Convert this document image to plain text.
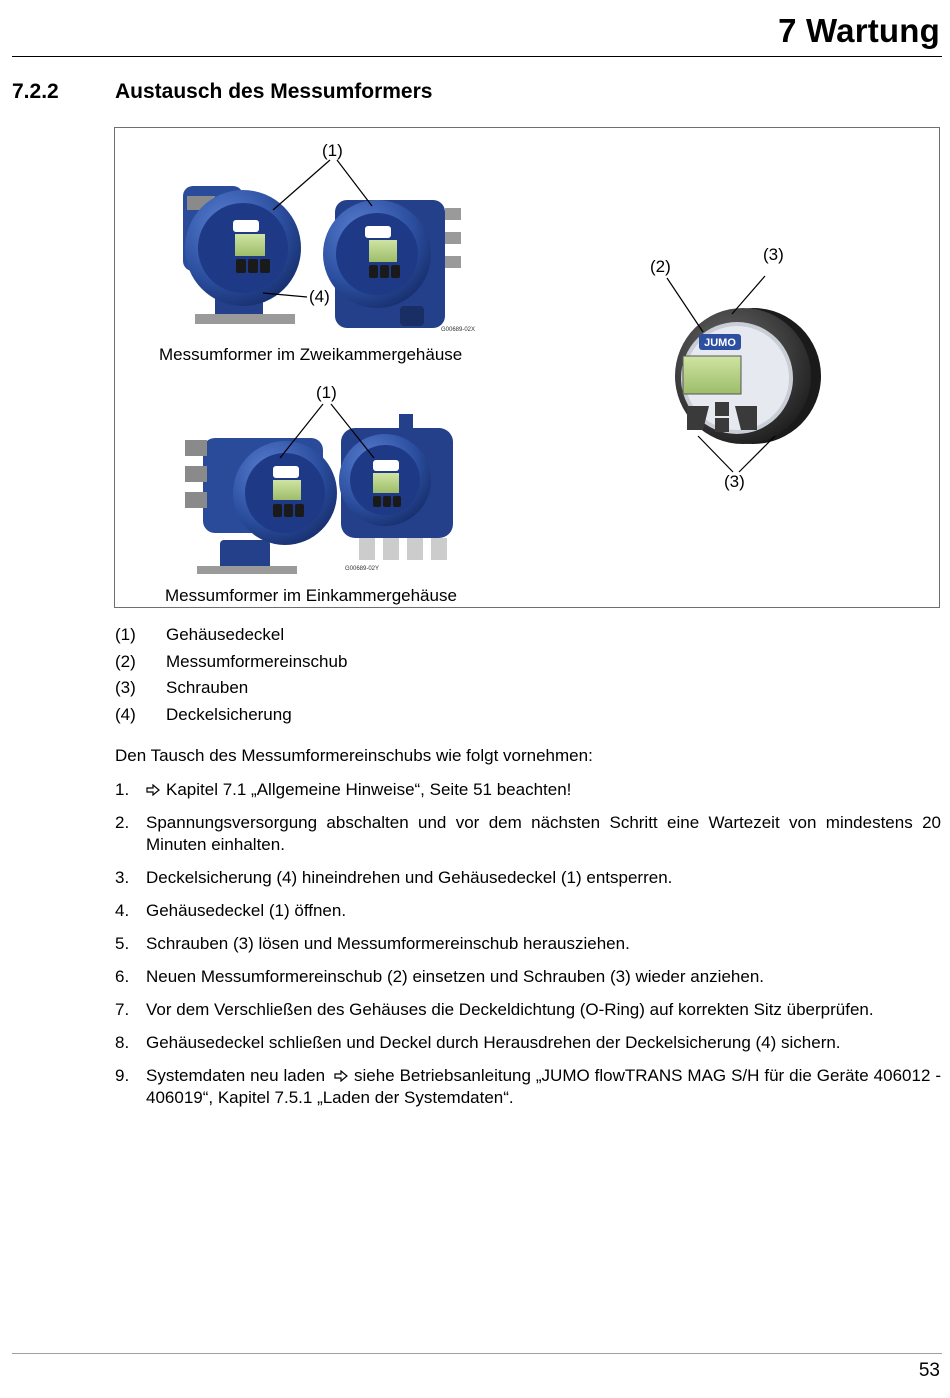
7 Wartung
7.2.2	Austausch des Messumformers
G00689-02X
G00689-02Y
JUMO
(1)
(4)
Messumformer im Zweikammergehäuse
(1)
Messumformer im Einkammergehäuse
(2)
(3)
(3)
(1)	Gehäusedeckel
(2)	Messumformereinschub
(3)	Schrauben
(4)	Deckelsicherung
Den Tausch des Messumformereinschubs wie folgt vornehmen:
1.	Kapitel 7.1 „Allgemeine Hinweise“, Seite 51 beachten!
2. Spannungsversorgung abschalten und vor dem nächsten Schritt eine Wartezeit von mindestens 20 Minuten einhalten.
3. Deckelsicherung (4) hineindrehen und Gehäusedeckel (1) entsperren.
4. Gehäusedeckel (1) öffnen.
5. Schrauben (3) lösen und Messumformereinschub herausziehen.
6. Neuen Messumformereinschub (2) einsetzen und Schrauben (3) wieder anziehen.
7. Vor dem Verschließen des Gehäuses die Deckeldichtung (O-Ring) auf korrekten Sitz überprüfen.
8. Gehäusedeckel schließen und Deckel durch Herausdrehen der Deckelsicherung (4) sichern.
9. Systemdaten neu laden siehe Betriebsanleitung „JUMO flowTRANS MAG S/H für die Geräte 406012 - 406019“, Kapitel 7.5.1 „Laden der Systemdaten“.
53
